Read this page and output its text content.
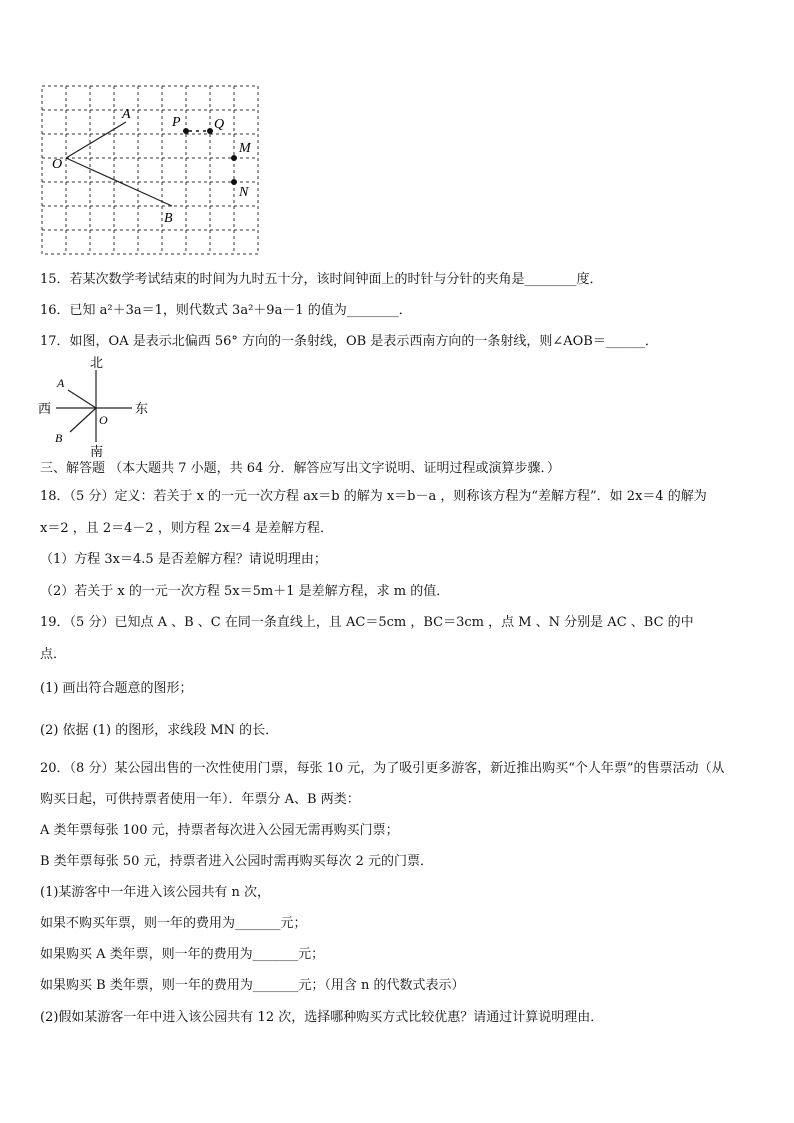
A
P Q
O
M
N
B
15．若某次数学考试结束的时间为九时五十分，该时间钟面上的时针与分针的夹角是________度．
16．已知 a²＋3a＝1，则代数式 3a²＋9a－1 的值为________．
17．如图，OA 是表示北偏西 56° 方向的一条射线，OB 是表示西南方向的一条射线，则∠AOB＝______．
北
南
西	东
A
B
O
三、解答题 （本大题共 7 小题，共 64 分．解答应写出文字说明、证明过程或演算步骤．）
18．（5 分）定义：若关于 x 的一元一次方程 ax＝b 的解为 x＝b－a ，则称该方程为“差解方程”．如 2x＝4 的解为
x＝2 ，且 2＝4－2 ，则方程 2x＝4 是差解方程．
（1）方程 3x＝4.5 是否差解方程？请说明理由；
（2）若关于 x 的一元一次方程 5x＝5m＋1 是差解方程，求 m 的值．
19．（5 分）已知点 A 、B 、C 在同一条直线上，且 AC＝5cm ，BC＝3cm ，点 M 、N 分别是 AC 、BC 的中
点．
(1) 画出符合题意的图形；
(2) 依据 (1) 的图形，求线段 MN 的长．
20．（8 分）某公园出售的一次性使用门票，每张 10 元，为了吸引更多游客，新近推出购买“个人年票”的售票活动（从
购买日起，可供持票者使用一年）．年票分 A、B 两类：
A 类年票每张 100 元，持票者每次进入公园无需再购买门票；
B 类年票每张 50 元，持票者进入公园时需再购买每次 2 元的门票．
(1)某游客中一年进入该公园共有 n 次，
如果不购买年票，则一年的费用为_______元；
如果购买 A 类年票，则一年的费用为_______元；
如果购买 B 类年票，则一年的费用为_______元；（用含 n 的代数式表示）
(2)假如某游客一年中进入该公园共有 12 次，选择哪种购买方式比较优惠？请通过计算说明理由．
